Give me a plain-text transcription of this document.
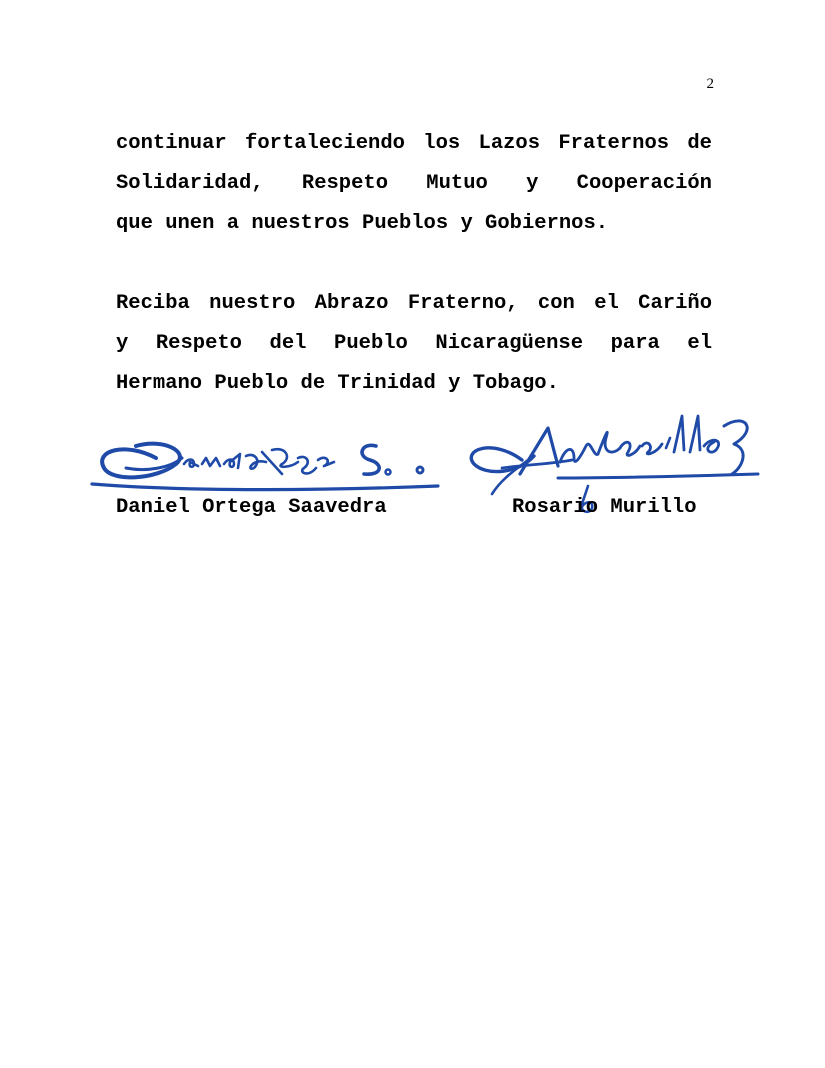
2

continuar fortaleciendo los Lazos Fraternos de
Solidaridad, Respeto Mutuo y Cooperación
que unen a nuestros Pueblos y Gobiernos.

Reciba nuestro Abrazo Fraterno, con el Cariño
y Respeto del Pueblo Nicaragüense para el
Hermano Pueblo de Trinidad y Tobago.

Daniel Ortega Saavedra	Rosario Murillo
